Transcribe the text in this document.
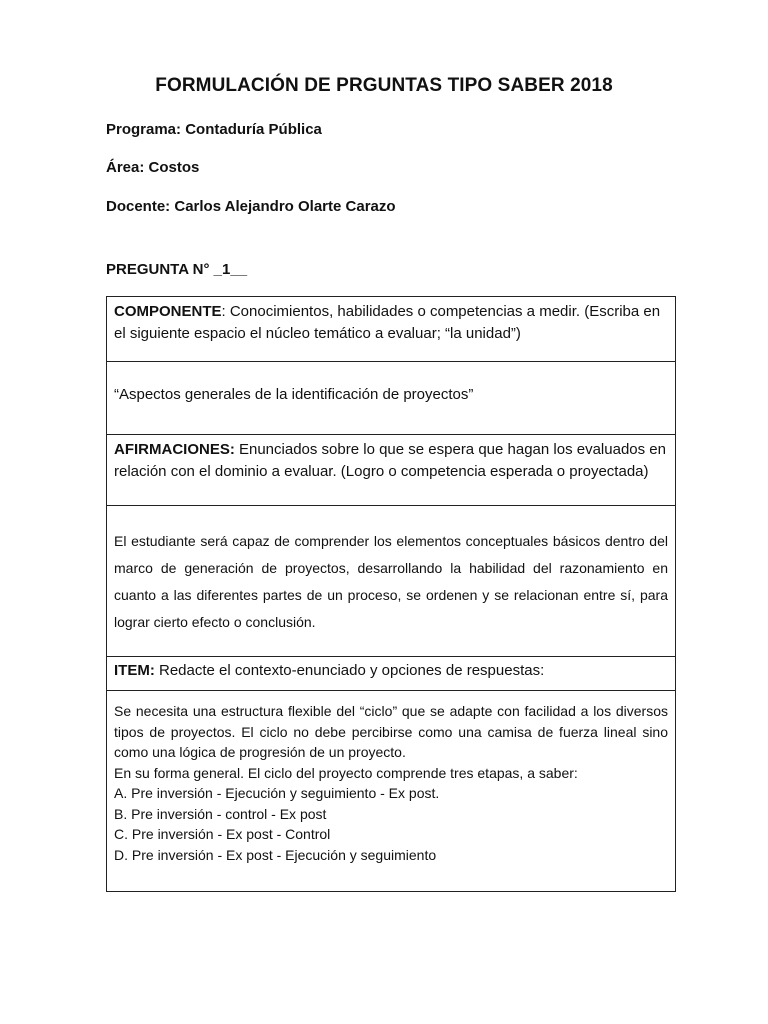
FORMULACIÓN DE PRGUNTAS TIPO SABER 2018
Programa: Contaduría Pública
Área: Costos
Docente: Carlos Alejandro Olarte Carazo
PREGUNTA N° _1__
COMPONENTE: Conocimientos, habilidades o competencias a medir. (Escriba en el siguiente espacio el núcleo temático a evaluar; “la unidad”)
“Aspectos generales de la identificación de proyectos”
AFIRMACIONES: Enunciados sobre lo que se espera que hagan los evaluados en relación con el dominio a evaluar. (Logro o competencia esperada o proyectada)

El estudiante será capaz de comprender los elementos conceptuales básicos dentro del marco de generación de proyectos, desarrollando la habilidad del razonamiento en cuanto a las diferentes partes de un proceso, se ordenen y se relacionan entre sí, para lograr cierto efecto o conclusión.

ITEM: Redacte el contexto-enunciado y opciones de respuestas:

Se necesita una estructura flexible del “ciclo” que se adapte con facilidad a los diversos tipos de proyectos. El ciclo no debe percibirse como una camisa de fuerza lineal sino como una lógica de progresión de un proyecto.
En su forma general. El ciclo del proyecto comprende tres etapas, a saber:
A. Pre inversión - Ejecución y seguimiento - Ex post.
B. Pre inversión - control - Ex post
C. Pre inversión - Ex post - Control
D. Pre inversión - Ex post - Ejecución y seguimiento
